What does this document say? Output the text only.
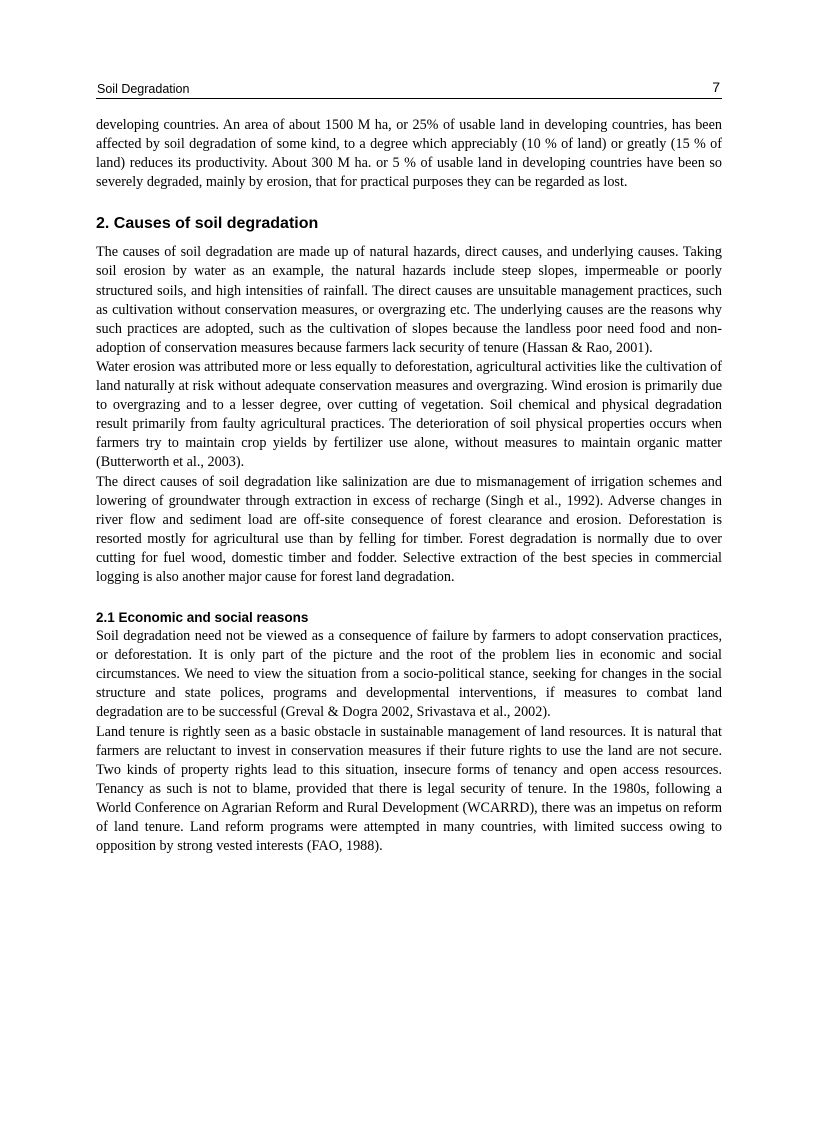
Soil Degradation	7

developing countries. An area of about 1500 M ha, or 25% of usable land in developing countries, has been affected by soil degradation of some kind, to a degree which appreciably (10 % of land) or greatly (15 % of land) reduces its productivity. About 300 M ha. or 5 % of usable land in developing countries have been so severely degraded, mainly by erosion, that for practical purposes they can be regarded as lost.

2. Causes of soil degradation

The causes of soil degradation are made up of natural hazards, direct causes, and underlying causes. Taking soil erosion by water as an example, the natural hazards include steep slopes, impermeable or poorly structured soils, and high intensities of rainfall. The direct causes are unsuitable management practices, such as cultivation without conservation measures, or overgrazing etc. The underlying causes are the reasons why such practices are adopted, such as the cultivation of slopes because the landless poor need food and non-adoption of conservation measures because farmers lack security of tenure (Hassan & Rao, 2001).

Water erosion was attributed more or less equally to deforestation, agricultural activities like the cultivation of land naturally at risk without adequate conservation measures and overgrazing. Wind erosion is primarily due to overgrazing and to a lesser degree, over cutting of vegetation. Soil chemical and physical degradation result primarily from faulty agricultural practices. The deterioration of soil physical properties occurs when farmers try to maintain crop yields by fertilizer use alone, without measures to maintain organic matter (Butterworth et al., 2003).

The direct causes of soil degradation like salinization are due to mismanagement of irrigation schemes and lowering of groundwater through extraction in excess of recharge (Singh et al., 1992). Adverse changes in river flow and sediment load are off-site consequence of forest clearance and erosion. Deforestation is resorted mostly for agricultural use than by felling for timber. Forest degradation is normally due to over cutting for fuel wood, domestic timber and fodder. Selective extraction of the best species in commercial logging is also another major cause for forest land degradation.

2.1 Economic and social reasons

Soil degradation need not be viewed as a consequence of failure by farmers to adopt conservation practices, or deforestation. It is only part of the picture and the root of the problem lies in economic and social circumstances. We need to view the situation from a socio-political stance, seeking for changes in the social structure and state polices, programs and developmental interventions, if measures to combat land degradation are to be successful (Greval & Dogra 2002, Srivastava et al., 2002).

Land tenure is rightly seen as a basic obstacle in sustainable management of land resources. It is natural that farmers are reluctant to invest in conservation measures if their future rights to use the land are not secure. Two kinds of property rights lead to this situation, insecure forms of tenancy and open access resources. Tenancy as such is not to blame, provided that there is legal security of tenure. In the 1980s, following a World Conference on Agrarian Reform and Rural Development (WCARRD), there was an impetus on reform of land tenure. Land reform programs were attempted in many countries, with limited success owing to opposition by strong vested interests (FAO, 1988).
